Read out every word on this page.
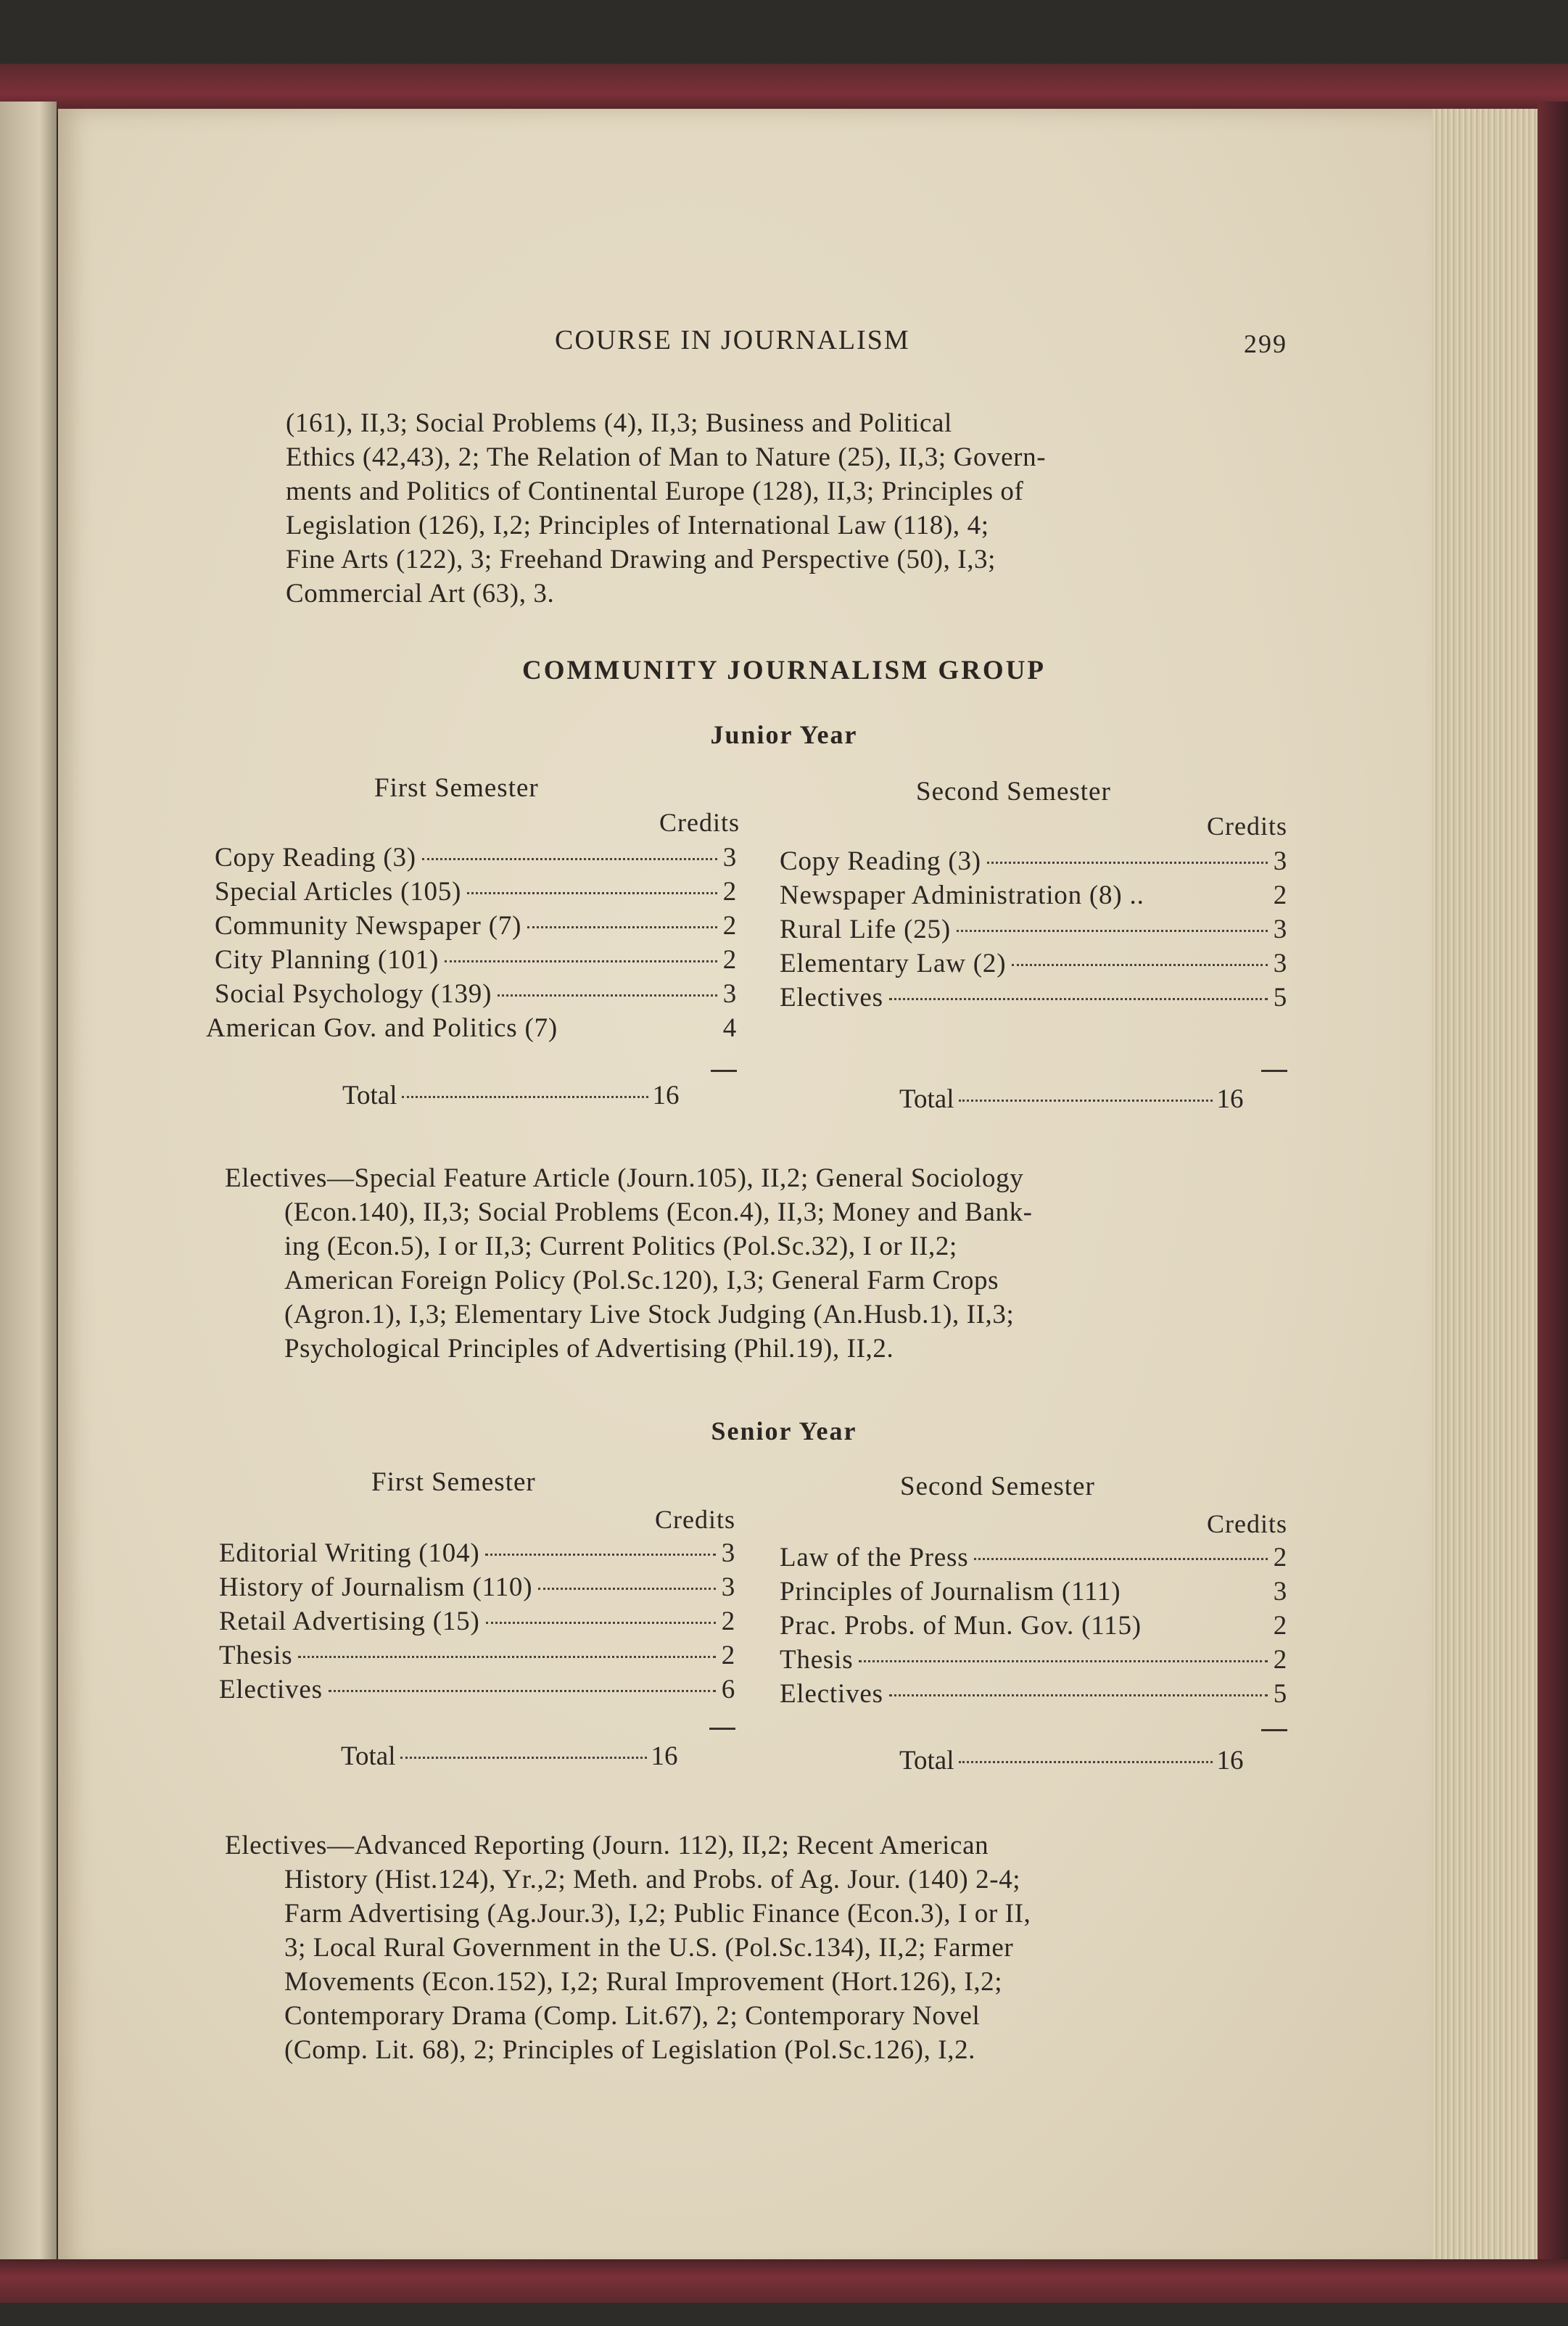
COURSE IN JOURNALISM	299
(161), II,3; Social Problems (4), II,3; Business and Political
Ethics (42,43), 2; The Relation of Man to Nature (25), II,3; Govern-
ments and Politics of Continental Europe (128), II,3; Principles of
Legislation (126), I,2; Principles of International Law (118), 4;
Fine Arts (122), 3; Freehand Drawing and Perspective (50), I,3;
Commercial Art (63), 3.
COMMUNITY JOURNALISM GROUP
Junior Year
First Semester
Credits
Copy Reading (3)	3
Special Articles (105)	2
Community Newspaper (7)	2
City Planning (101)	2
Social Psychology (139)	3
American Gov. and Politics (7)	4
Total	16
Second Semester
Credits
Copy Reading (3)	3
Newspaper Administration (8) ..	2
Rural Life (25)	3
Elementary Law (2)	3
Electives	5
Total	16
Electives—Special Feature Article (Journ.105), II,2; General Sociology
(Econ.140), II,3; Social Problems (Econ.4), II,3; Money and Bank-
ing (Econ.5), I or II,3; Current Politics (Pol.Sc.32), I or II,2;
American Foreign Policy (Pol.Sc.120), I,3; General Farm Crops
(Agron.1), I,3; Elementary Live Stock Judging (An.Husb.1), II,3;
Psychological Principles of Advertising (Phil.19), II,2.
Senior Year
First Semester
Credits
Editorial Writing (104)	3
History of Journalism (110)	3
Retail Advertising (15)	2
Thesis	2
Electives	6
Total	16
Second Semester
Credits
Law of the Press	2
Principles of Journalism (111)	3
Prac. Probs. of Mun. Gov. (115)	2
Thesis	2
Electives	5
Total	16
Electives—Advanced Reporting (Journ. 112), II,2; Recent American
History (Hist.124), Yr.,2; Meth. and Probs. of Ag. Jour. (140) 2-4;
Farm Advertising (Ag.Jour.3), I,2; Public Finance (Econ.3), I or II,
3; Local Rural Government in the U.S. (Pol.Sc.134), II,2; Farmer
Movements (Econ.152), I,2; Rural Improvement (Hort.126), I,2;
Contemporary Drama (Comp. Lit.67), 2; Contemporary Novel
(Comp. Lit. 68), 2; Principles of Legislation (Pol.Sc.126), I,2.
